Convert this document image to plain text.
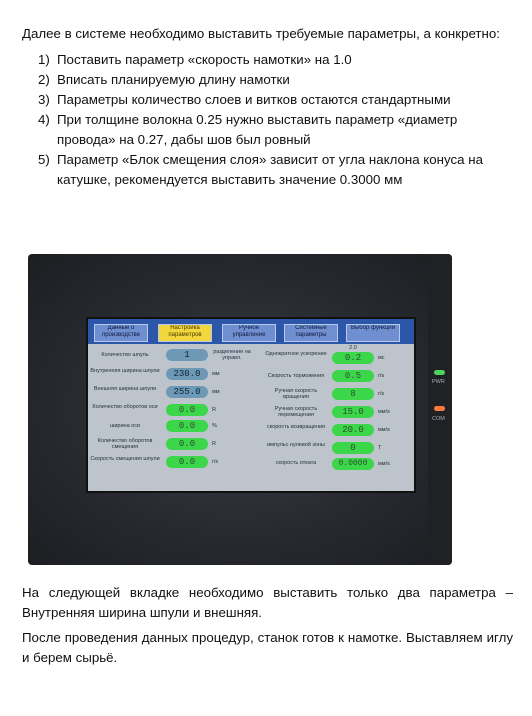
Далее в системе необходимо выставить требуемые параметры, а конкретно:
1) Поставить параметр «скорость намотки» на 1.0
2) Вписать планируемую длину намотки
3) Параметры количество слоев и витков остаются стандартными
4) При толщине волокна 0.25 нужно выставить параметр «диаметр провода» на 0.27, дабы шов был ровный
5) Параметр «Блок смещения слоя» зависит от угла наклона конуса на катушке, рекомендуется выставить значение 0.3000 мм
Данные о производстве
Настройка параметров
Ручное управление
Системные параметры
Выбор функции
2.0
Количество шпуль	1	разделение на управл.
Внутренняя ширина шпули	230.0	мм
Внешняя ширина шпули	255.0	мм
Количество оборотов оси	0.0	R
ширина оси	0.0	%
Количество оборотов смещения	0.0	R
Скорость смещения шпули	0.0	r/s
Однократное ускорение	0.2	мс
Скорость торможения	0.5	r/s
Ручная скорость вращения	8	r/s
Ручная скорость перемещения	15.0	мм/s
скорость возвращения	20.0	мм/s
импульс нулевой зоны	0	T
скорость отката	0.0000	мм/s
PWR
COM
На следующей вкладке необходимо выставить только два параметра – Внутренняя ширина шпули и внешняя.
После проведения данных процедур, станок готов к намотке. Выставляем иглу и берем сырьё.
